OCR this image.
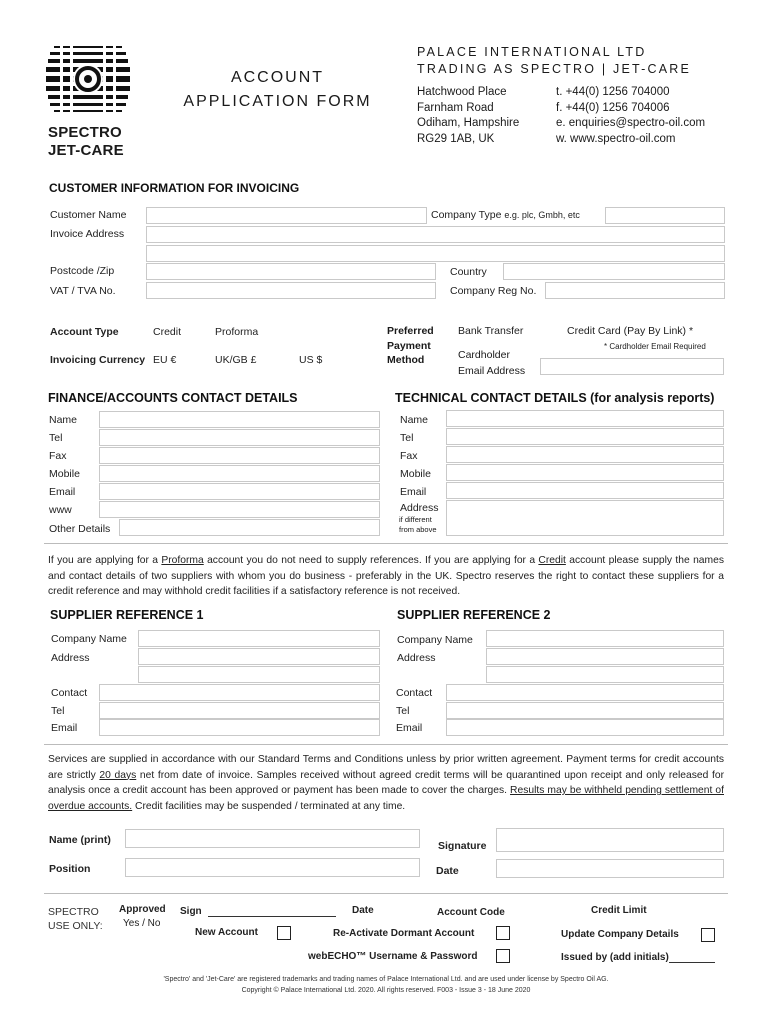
SPECTRO
JET-CARE
ACCOUNT
APPLICATION FORM
PALACE INTERNATIONAL LTD
TRADING AS SPECTRO | JET-CARE
Hatchwood Place
Farnham Road
Odiham, Hampshire
RG29 1AB, UK
t. +44(0) 1256 704000
f. +44(0) 1256 704006
e. enquiries@spectro-oil.com
w. www.spectro-oil.com
CUSTOMER INFORMATION FOR INVOICING
Customer Name	Company Type e.g. plc, Gmbh, etc
Invoice Address
Postcode /Zip	Country
VAT / TVA No.	Company Reg No.
Account Type	Credit	Proforma
Invoicing Currency EU €	UK/GB £	US $
Preferred
Payment
Method
Bank Transfer	Credit Card (Pay By Link) *
* Cardholder Email Required
Cardholder
Email Address
FINANCE/ACCOUNTS CONTACT DETAILS
Name
Tel
Fax
Mobile
Email
www
Other Details
TECHNICAL CONTACT DETAILS (for analysis reports)
Name
Tel
Fax
Mobile
Email
Address
if different
from above
If you are applying for a Proforma account you do not need to supply references. If you are applying for a Credit account please supply the names and contact details of two suppliers with whom you do business - preferably in the UK. Spectro reserves the right to contact these suppliers for a credit reference and may withhold credit facilities if a satisfactory reference is not received.
SUPPLIER REFERENCE 1
Company Name
Address
Contact
Tel
Email
SUPPLIER REFERENCE 2
Company Name
Address
Contact
Tel
Email
Services are supplied in accordance with our Standard Terms and Conditions unless by prior written agreement. Payment terms for credit accounts are strictly 20 days net from date of invoice. Samples received without agreed credit terms will be quarantined upon receipt and only released for analysis once a credit account has been approved or payment has been made to cover the charges. Results may be withheld pending settlement of overdue accounts. Credit facilities may be suspended / terminated at any time.
Name (print)
Position
Signature
Date
SPECTRO
USE ONLY:
Approved
Yes / No
Sign	Date	Account Code	Credit Limit
New Account	Re-Activate Dormant Account	Update Company Details
webECHO™ Username & Password	Issued by (add initials)
'Spectro' and 'Jet-Care' are registered trademarks and trading names of Palace International Ltd. and are used under license by Spectro Oil AG.
Copyright © Palace International Ltd. 2020. All rights reserved. F003 - Issue 3 - 18 June 2020
